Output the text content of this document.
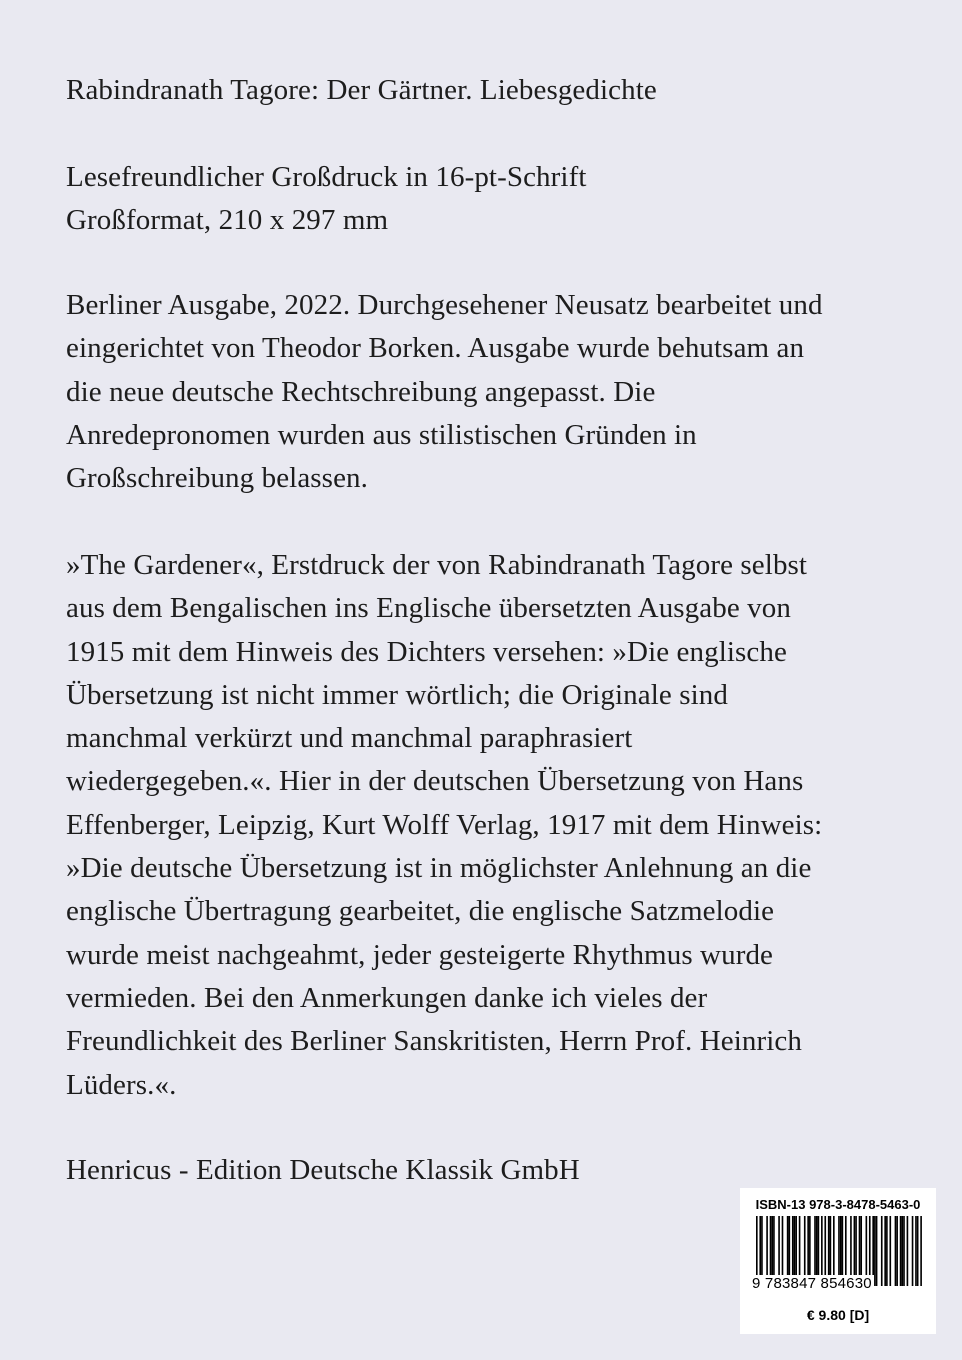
Rabindranath Tagore: Der Gärtner. Liebesgedichte
Lesefreundlicher Großdruck in 16-pt-Schrift
Großformat, 210 x 297 mm
Berliner Ausgabe, 2022. Durchgesehener Neusatz bearbeitet und
eingerichtet von Theodor Borken. Ausgabe wurde behutsam an
die neue deutsche Rechtschreibung angepasst. Die
Anredepronomen wurden aus stilistischen Gründen in
Großschreibung belassen.
»The Gardener«, Erstdruck der von Rabindranath Tagore selbst
aus dem Bengalischen ins Englische übersetzten Ausgabe von
1915 mit dem Hinweis des Dichters versehen: »Die englische
Übersetzung ist nicht immer wörtlich; die Originale sind
manchmal verkürzt und manchmal paraphrasiert
wiedergegeben.«. Hier in der deutschen Übersetzung von Hans
Effenberger, Leipzig, Kurt Wolff Verlag, 1917 mit dem Hinweis:
»Die deutsche Übersetzung ist in möglichster Anlehnung an die
englische Übertragung gearbeitet, die englische Satzmelodie
wurde meist nachgeahmt, jeder gesteigerte Rhythmus wurde
vermieden. Bei den Anmerkungen danke ich vieles der
Freundlichkeit des Berliner Sanskritisten, Herrn Prof. Heinrich
Lüders.«.
Henricus - Edition Deutsche Klassik GmbH
ISBN-13 978-3-8478-5463-0
9 783847 854630
€ 9.80 [D]
